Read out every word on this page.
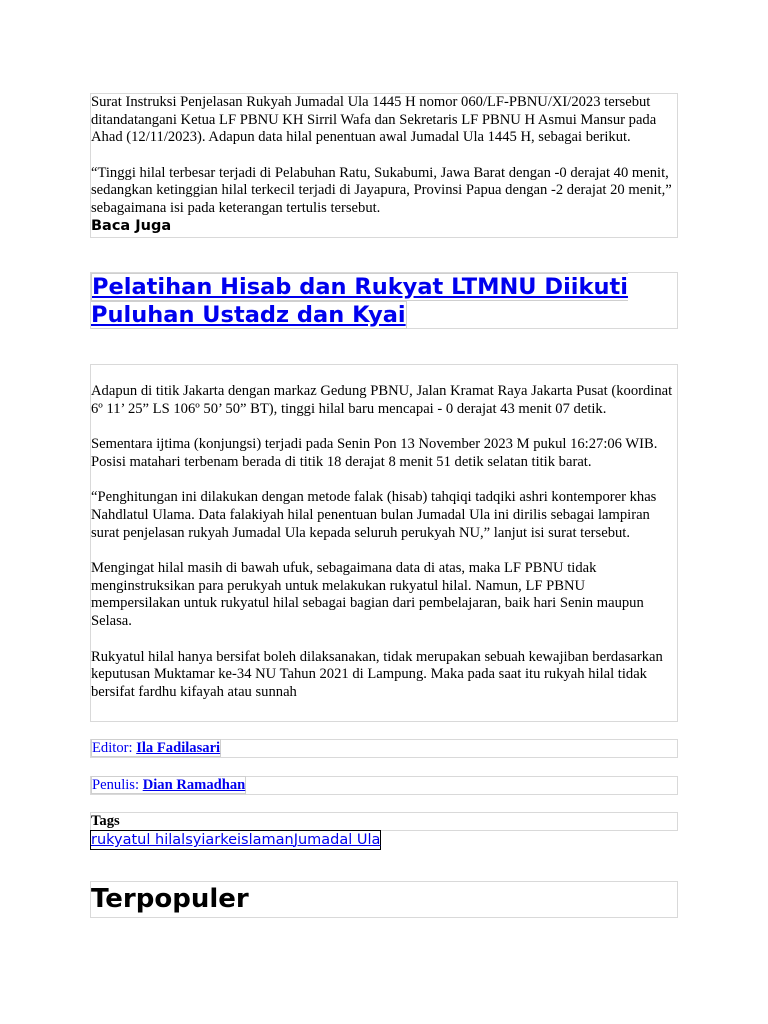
Surat Instruksi Penjelasan Rukyah Jumadal Ula 1445 H nomor 060/LF-PBNU/XI/2023 tersebut ditandatangani Ketua LF PBNU KH Sirril Wafa dan Sekretaris LF PBNU H Asmui Mansur pada Ahad (12/11/2023). Adapun data hilal penentuan awal Jumadal Ula 1445 H, sebagai berikut.

“Tinggi hilal terbesar terjadi di Pelabuhan Ratu, Sukabumi, Jawa Barat dengan -0 derajat 40 menit, sedangkan ketinggian hilal terkecil terjadi di Jayapura, Provinsi Papua dengan -2 derajat 20 menit,” sebagaimana isi pada keterangan tertulis tersebut.

Baca Juga

Pelatihan Hisab dan Rukyat LTMNU Diikuti
Puluhan Ustadz dan Kyai

Adapun di titik Jakarta dengan markaz Gedung PBNU, Jalan Kramat Raya Jakarta Pusat (koordinat 6º 11’ 25” LS 106º 50’ 50” BT), tinggi hilal baru mencapai - 0 derajat 43 menit 07 detik.

Sementara ijtima (konjungsi) terjadi pada Senin Pon 13 November 2023 M pukul 16:27:06 WIB. Posisi matahari terbenam berada di titik 18 derajat 8 menit 51 detik selatan titik barat.

“Penghitungan ini dilakukan dengan metode falak (hisab) tahqiqi tadqiki ashri kontemporer khas Nahdlatul Ulama. Data falakiyah hilal penentuan bulan Jumadal Ula ini dirilis sebagai lampiran surat penjelasan rukyah Jumadal Ula kepada seluruh perukyah NU,” lanjut isi surat tersebut.

Mengingat hilal masih di bawah ufuk, sebagaimana data di atas, maka LF PBNU tidak menginstruksikan para perukyah untuk melakukan rukyatul hilal. Namun, LF PBNU mempersilakan untuk rukyatul hilal sebagai bagian dari pembelajaran, baik hari Senin maupun Selasa.

Rukyatul hilal hanya bersifat boleh dilaksanakan, tidak merupakan sebuah kewajiban berdasarkan keputusan Muktamar ke-34 NU Tahun 2021 di Lampung. Maka pada saat itu rukyah hilal tidak bersifat fardhu kifayah atau sunnah

Editor: Ila Fadilasari
Penulis: Dian Ramadhan
Tags
rukyatul hilalsyiarkeislamanJumadal Ula
Terpopuler
